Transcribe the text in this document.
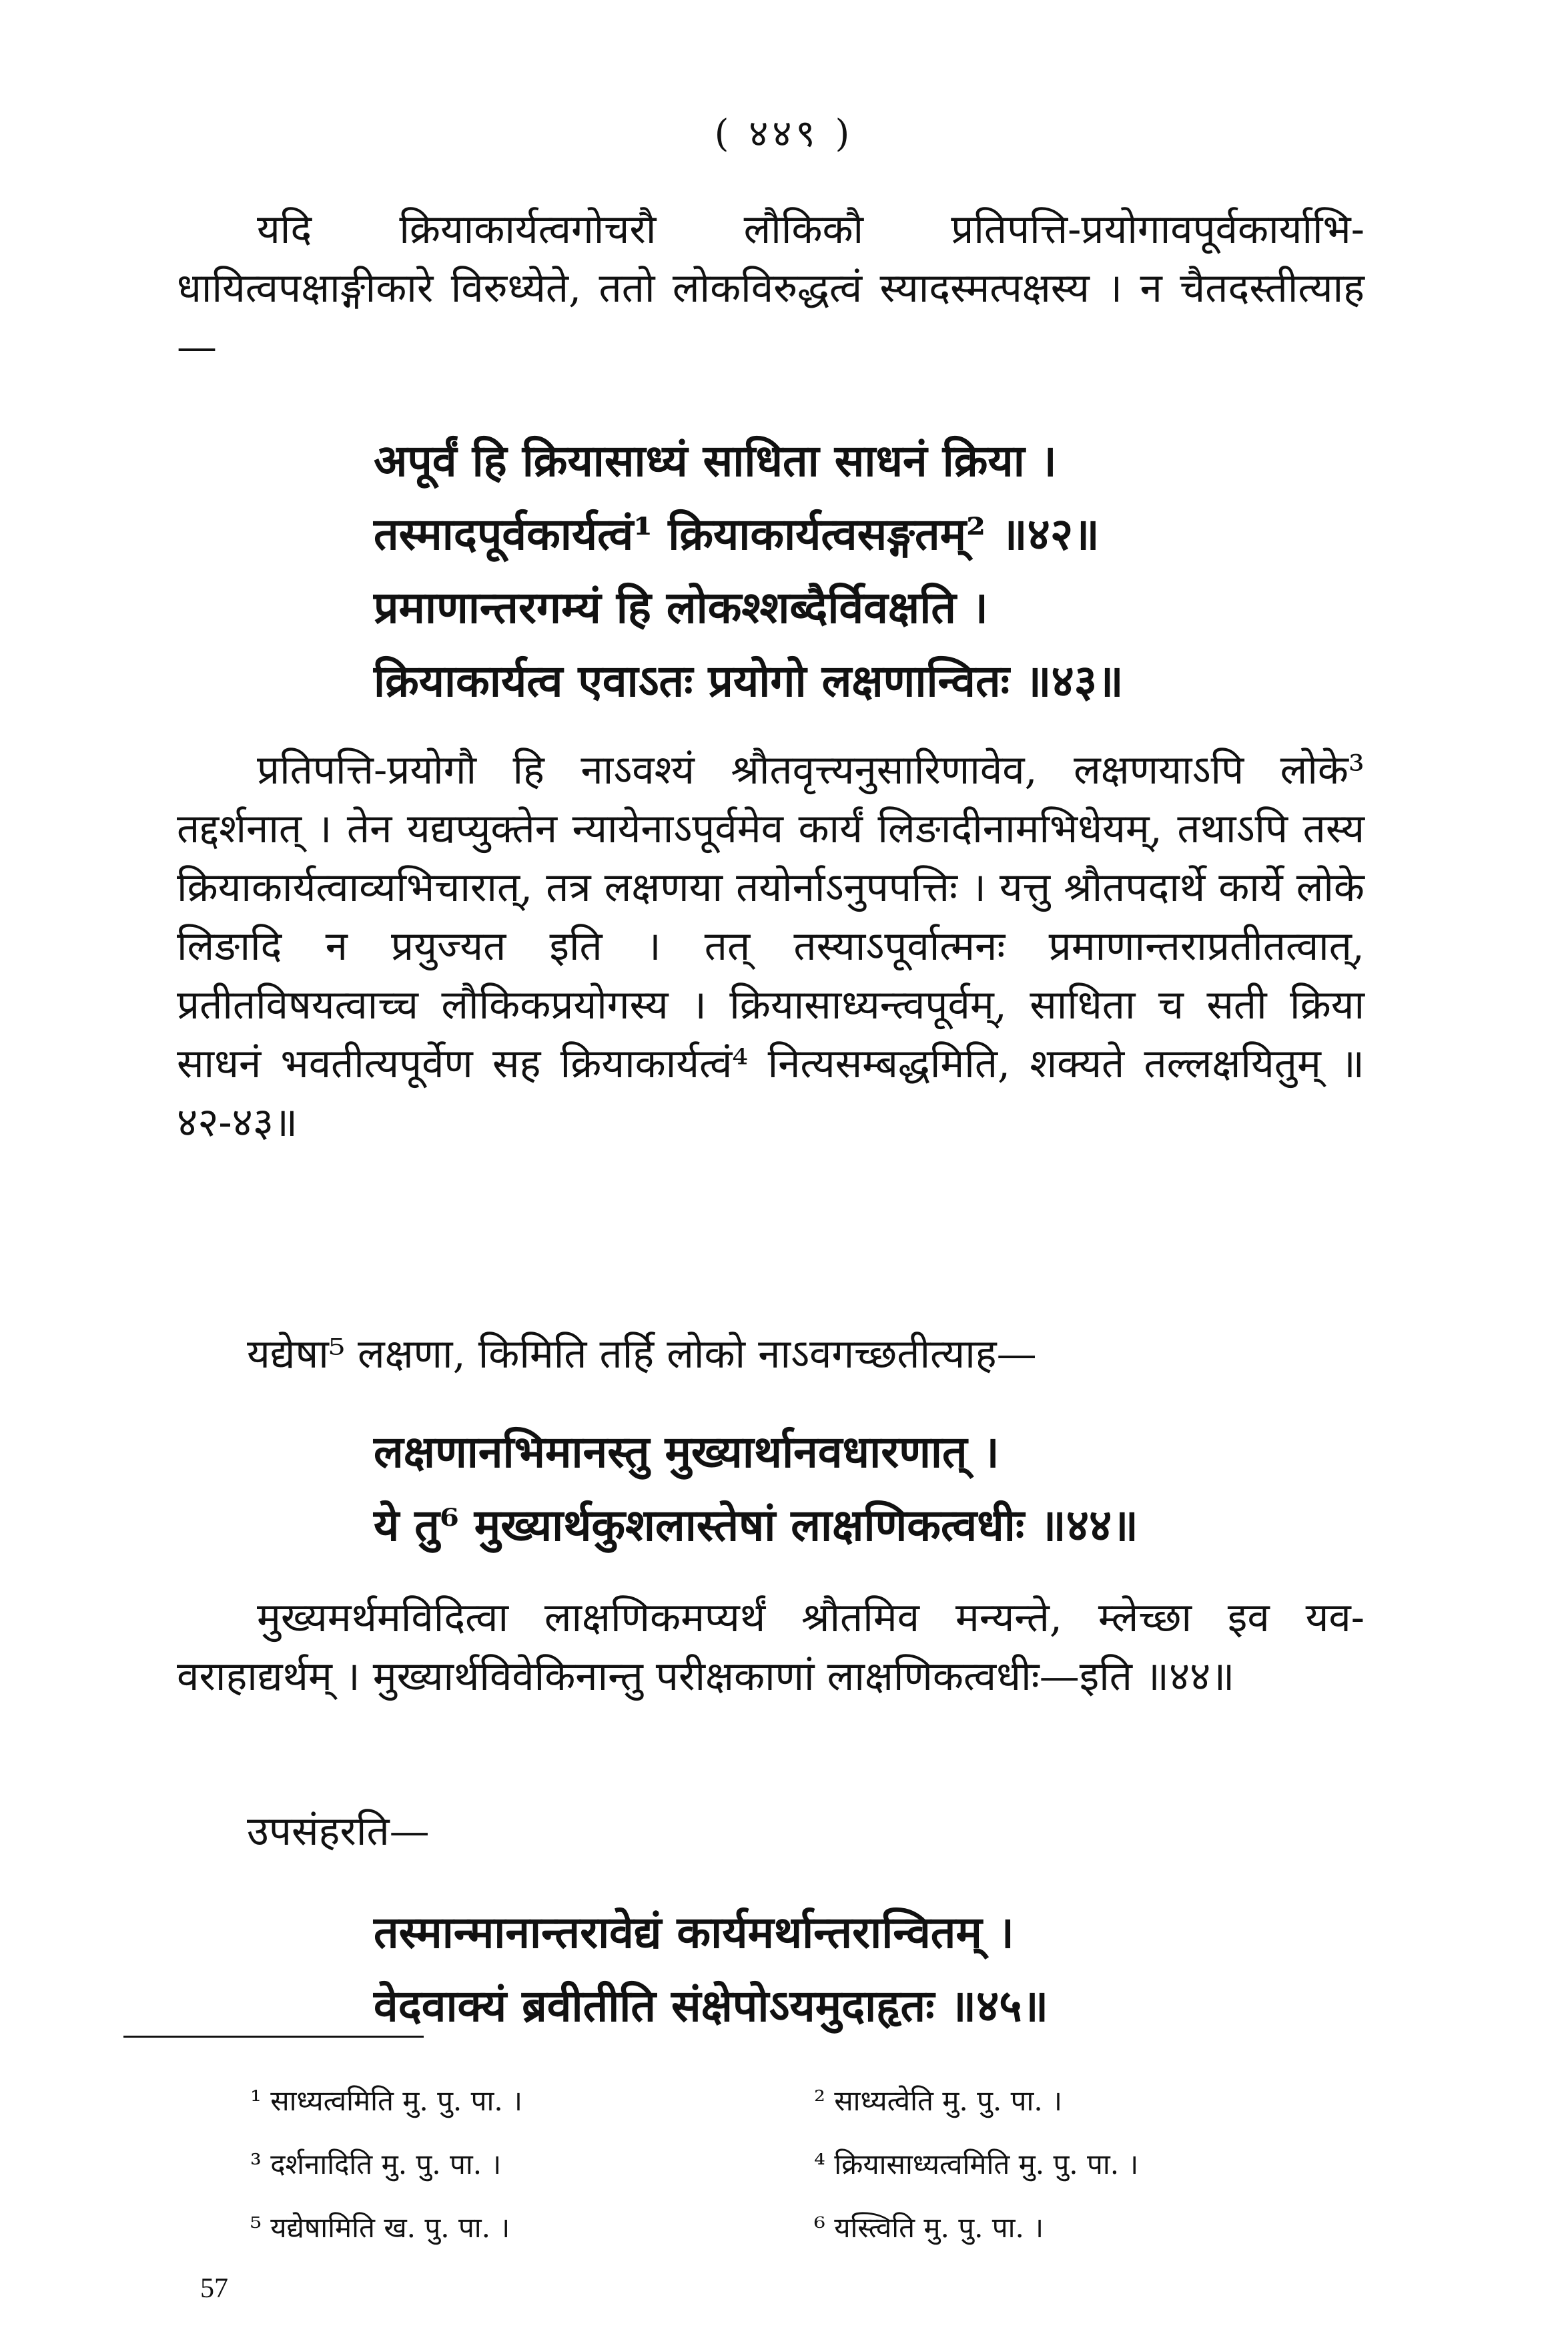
( ४४९ )
यदि क्रियाकार्यत्वगोचरौ लौकिकौ प्रतिपत्ति-प्रयोगावपूर्वकार्याभि-धायित्वपक्षाङ्गीकारे विरुध्येते, ततो लोकविरुद्धत्वं स्यादस्मत्पक्षस्य । न चैतदस्तीत्याह—
अपूर्वं हि क्रियासाध्यं साधिता साधनं क्रिया ।
तस्मादपूर्वकार्यत्वं¹ क्रियाकार्यत्वसङ्गतम्² ॥४२॥
प्रमाणान्तरगम्यं हि लोकश्शब्दैर्विवक्षति ।
क्रियाकार्यत्व एवाऽतः प्रयोगो लक्षणान्वितः ॥४३॥
प्रतिपत्ति-प्रयोगौ हि नाऽवश्यं श्रौतवृत्त्यनुसारिणावेव, लक्षणयाऽपि लोके³ तद्दर्शनात् । तेन यद्यप्युक्तेन न्यायेनाऽपूर्वमेव कार्यं लिङादीनामभिधेयम्, तथाऽपि तस्य क्रियाकार्यत्वाव्यभिचारात्, तत्र लक्षणया तयोर्नाऽनुपपत्तिः । यत्तु श्रौतपदार्थे कार्ये लोके लिङादि न प्रयुज्यत इति । तत् तस्याऽपूर्वात्मनः प्रमाणान्तराप्रतीतत्वात्, प्रतीतविषयत्वाच्च लौकिकप्रयोगस्य । क्रियासाध्यन्त्वपूर्वम्, साधिता च सती क्रिया साधनं भवतीत्यपूर्वेण सह क्रियाकार्यत्वं⁴ नित्यसम्बद्धमिति, शक्यते तल्लक्षयितुम् ॥४२-४३॥
यद्येषा⁵ लक्षणा, किमिति तर्हि लोको नाऽवगच्छतीत्याह—
लक्षणानभिमानस्तु मुख्यार्थानवधारणात् ।
ये तु⁶ मुख्यार्थकुशलास्तेषां लाक्षणिकत्वधीः ॥४४॥
मुख्यमर्थमविदित्वा लाक्षणिकमप्यर्थं श्रौतमिव मन्यन्ते, म्लेच्छा इव यव-वराहाद्यर्थम् । मुख्यार्थविवेकिनान्तु परीक्षकाणां लाक्षणिकत्वधीः—इति ॥४४॥
उपसंहरति—
तस्मान्मानान्तरावेद्यं कार्यमर्थान्तरान्वितम् ।
वेदवाक्यं ब्रवीतीति संक्षेपोऽयमुदाहृतः ॥४५॥
¹ साध्यत्वमिति मु. पु. पा. ।	² साध्यत्वेति मु. पु. पा. ।
³ दर्शनादिति मु. पु. पा. ।	⁴ क्रियासाध्यत्वमिति मु. पु. पा. ।
⁵ यद्येषामिति ख. पु. पा. ।	⁶ यस्त्विति मु. पु. पा. ।
57
